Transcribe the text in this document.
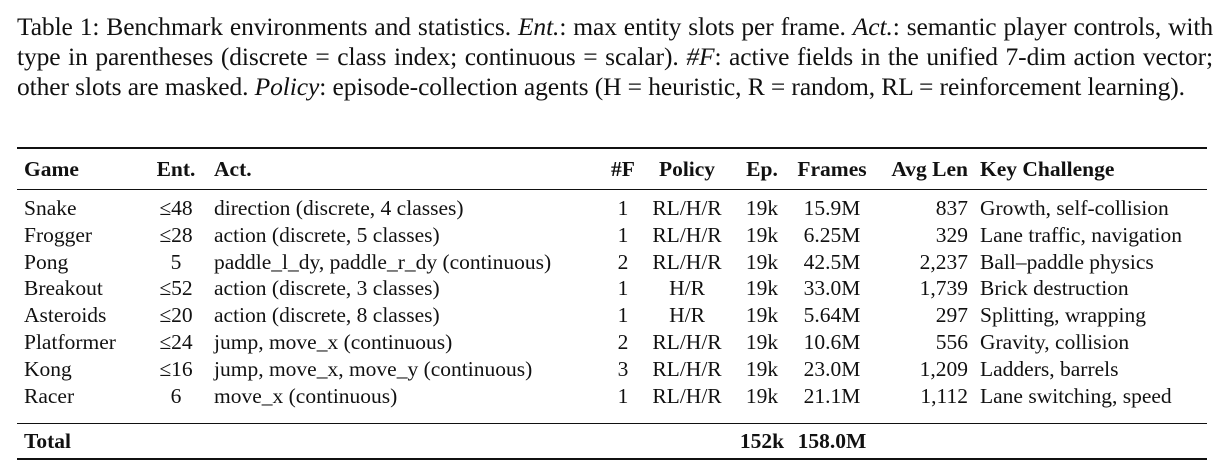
Table 1: Benchmark environments and statistics. Ent.: max entity slots per frame. Act.: semantic player controls, with type in parentheses (discrete = class index; continuous = scalar). #F: active fields in the unified 7-dim action vector; other slots are masked. Policy: episode-collection agents (H = heuristic, R = random, RL = reinforcement learning).
Game	Ent.	Act.	#F	Policy	Ep.	Frames	Avg Len	Key Challenge
Snake	≤48	direction (discrete, 4 classes)	1	RL/H/R	19k	15.9M	837	Growth, self-collision
Frogger	≤28	action (discrete, 5 classes)	1	RL/H/R	19k	6.25M	329	Lane traffic, navigation
Pong	5	paddle_l_dy, paddle_r_dy (continuous)	2	RL/H/R	19k	42.5M	2,237	Ball–paddle physics
Breakout	≤52	action (discrete, 3 classes)	1	H/R	19k	33.0M	1,739	Brick destruction
Asteroids	≤20	action (discrete, 8 classes)	1	H/R	19k	5.64M	297	Splitting, wrapping
Platformer	≤24	jump, move_x (continuous)	2	RL/H/R	19k	10.6M	556	Gravity, collision
Kong	≤16	jump, move_x, move_y (continuous)	3	RL/H/R	19k	23.0M	1,209	Ladders, barrels
Racer	6	move_x (continuous)	1	RL/H/R	19k	21.1M	1,112	Lane switching, speed
Total					152k	158.0M		
